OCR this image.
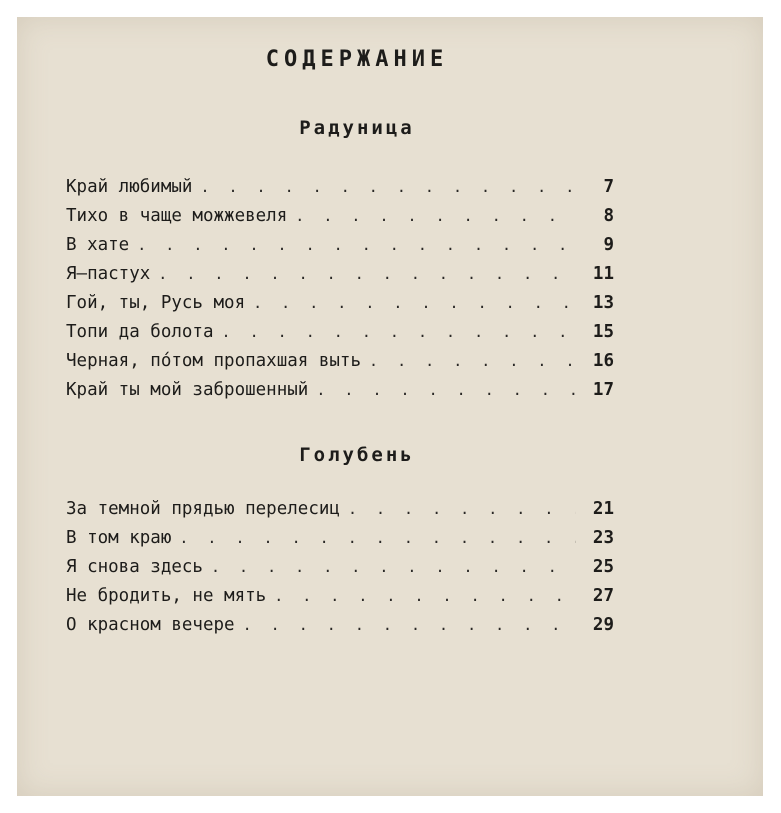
СОДЕРЖАНИЕ
Радуница
Край любимый . . .	7
Тихо в чаще можжевеля . . .	8
В хате . . .	9
Я—пастух . . .	11
Гой, ты, Русь моя . . .	13
Топи да болота . . .	15
Черная, пóтом пропахшая выть . . .	16
Край ты мой заброшенный . . .	17
Голубень
За темной прядью перелесиц . . .	21
В том краю . . .	23
Я снова здесь . . .	25
Не бродить, не мять . . .	27
О красном вечере . . .	29
